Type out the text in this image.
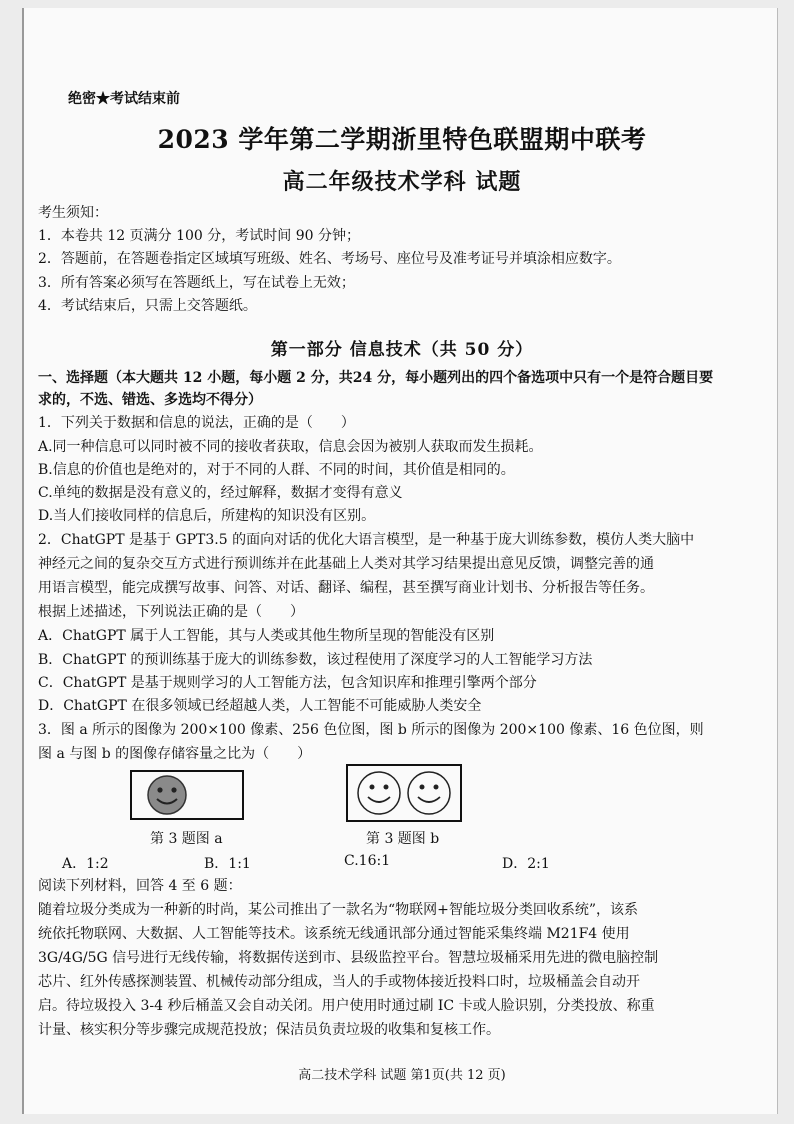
绝密★考试结束前
2023 学年第二学期浙里特色联盟期中联考
高二年级技术学科 试题
考生须知：
1．本卷共 12 页满分 100 分，考试时间 90 分钟；
2．答题前，在答题卷指定区域填写班级、姓名、考场号、座位号及准考证号并填涂相应数字。
3．所有答案必须写在答题纸上，写在试卷上无效；
4．考试结束后，只需上交答题纸。
第一部分 信息技术（共 50 分）
一、选择题（本大题共 12 小题，每小题 2 分，共24 分，每小题列出的四个备选项中只有一个是符合题目要
求的，不选、错选、多选均不得分）
1．下列关于数据和信息的说法，正确的是（　　）
A.同一种信息可以同时被不同的接收者获取，信息会因为被别人获取而发生损耗。
B.信息的价值也是绝对的，对于不同的人群、不同的时间，其价值是相同的。
C.单纯的数据是没有意义的，经过解释，数据才变得有意义
D.当人们接收同样的信息后，所建构的知识没有区别。
2．ChatGPT 是基于 GPT3.5 的面向对话的优化大语言模型，是一种基于庞大训练参数，模仿人类大脑中
神经元之间的复杂交互方式进行预训练并在此基础上人类对其学习结果提出意见反馈，调整完善的通
用语言模型，能完成撰写故事、问答、对话、翻译、编程，甚至撰写商业计划书、分析报告等任务。
根据上述描述，下列说法正确的是（　　）
A．ChatGPT 属于人工智能，其与人类或其他生物所呈现的智能没有区别
B．ChatGPT 的预训练基于庞大的训练参数，该过程使用了深度学习的人工智能学习方法
C．ChatGPT 是基于规则学习的人工智能方法，包含知识库和推理引擎两个部分
D．ChatGPT 在很多领域已经超越人类，人工智能不可能威胁人类安全
3．图 a 所示的图像为 200×100 像素、256 色位图，图 b 所示的图像为 200×100 像素、16 色位图，则
图 a 与图 b 的图像存储容量之比为（　　）
第 3 题图 a	第 3 题图 b
A．1:2	B．1:1	C.16:1	D．2:1
阅读下列材料，回答 4 至 6 题：
随着垃圾分类成为一种新的时尚，某公司推出了一款名为“物联网+智能垃圾分类回收系统”，该系
统依托物联网、大数据、人工智能等技术。该系统无线通讯部分通过智能采集终端 M21F4 使用
3G/4G/5G 信号进行无线传输，将数据传送到市、县级监控平台。智慧垃圾桶采用先进的微电脑控制
芯片、红外传感探测装置、机械传动部分组成，当人的手或物体接近投料口时，垃圾桶盖会自动开
启。待垃圾投入 3-4 秒后桶盖又会自动关闭。用户使用时通过刷 IC 卡或人脸识别，分类投放、称重
计量、核实积分等步骤完成规范投放；保洁员负责垃圾的收集和复核工作。
高二技术学科 试题 第1页(共 12 页)
